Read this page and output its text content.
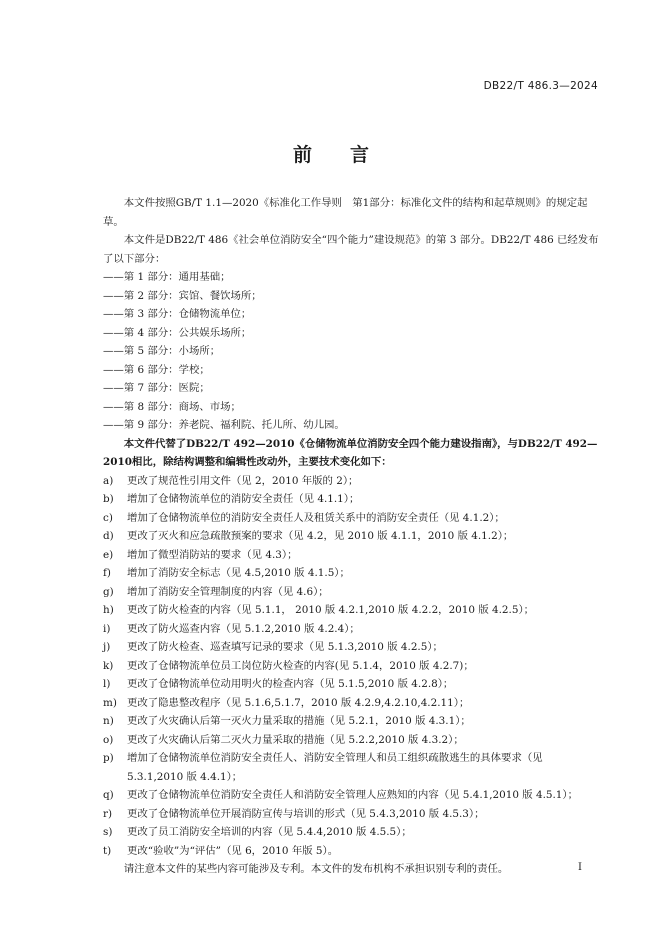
DB22/T 486.3—2024
前　　言

本文件按照GB/T 1.1—2020《标准化工作导则　第1部分：标准化文件的结构和起草规则》的规定起草。

本文件是DB22/T 486《社会单位消防安全“四个能力”建设规范》的第 3 部分。DB22/T 486 已经发布了以下部分：

——第 1 部分：通用基础；

——第 2 部分：宾馆、餐饮场所；

——第 3 部分：仓储物流单位；

——第 4 部分：公共娱乐场所；

——第 5 部分：小场所；

——第 6 部分：学校；

——第 7 部分：医院；

——第 8 部分：商场、市场；

——第 9 部分：养老院、福利院、托儿所、幼儿园。

本文件代替了DB22/T 492—2010《仓储物流单位消防安全四个能力建设指南》，与DB22/T 492—2010相比，除结构调整和编辑性改动外，主要技术变化如下：

a)	更改了规范性引用文件（见 2，2010 年版的 2）；
b)	增加了仓储物流单位的消防安全责任（见 4.1.1）；
c)	增加了仓储物流单位的消防安全责任人及租赁关系中的消防安全责任（见 4.1.2）；
d)	更改了灭火和应急疏散预案的要求（见 4.2，见 2010 版 4.1.1，2010 版 4.1.2）；
e)	增加了微型消防站的要求（见 4.3）；
f)	增加了消防安全标志（见 4.5,2010 版 4.1.5）；
g)	增加了消防安全管理制度的内容（见 4.6）；
h)	更改了防火检查的内容（见 5.1.1， 2010 版 4.2.1,2010 版 4.2.2，2010 版 4.2.5）；
i)	更改了防火巡查内容（见 5.1.2,2010 版 4.2.4）；
j)	更改了防火检查、巡查填写记录的要求（见 5.1.3,2010 版 4.2.5）；
k)	更改了仓储物流单位员工岗位防火检查的内容(见 5.1.4，2010 版 4.2.7)；
l)	更改了仓储物流单位动用明火的检查内容（见 5.1.5,2010 版 4.2.8）；
m) 更改了隐患整改程序（见 5.1.6,5.1.7，2010 版 4.2.9,4.2.10,4.2.11）；
n)	更改了火灾确认后第一灭火力量采取的措施（见 5.2.1，2010 版 4.3.1）；
o)	更改了火灾确认后第二灭火力量采取的措施（见 5.2.2,2010 版 4.3.2）；
p)	增加了仓储物流单位消防安全责任人、消防安全管理人和员工组织疏散逃生的具体要求（见 5.3.1,2010 版 4.4.1）；
q)	更改了仓储物流单位消防安全责任人和消防安全管理人应熟知的内容（见 5.4.1,2010 版 4.5.1）；
r)	更改了仓储物流单位开展消防宣传与培训的形式（见 5.4.3,2010 版 4.5.3）；
s)	更改了员工消防安全培训的内容（见 5.4.4,2010 版 4.5.5）；
t)	更改“验收”为“评估”（见 6，2010 年版 5）。

请注意本文件的某些内容可能涉及专利。本文件的发布机构不承担识别专利的责任。	I
